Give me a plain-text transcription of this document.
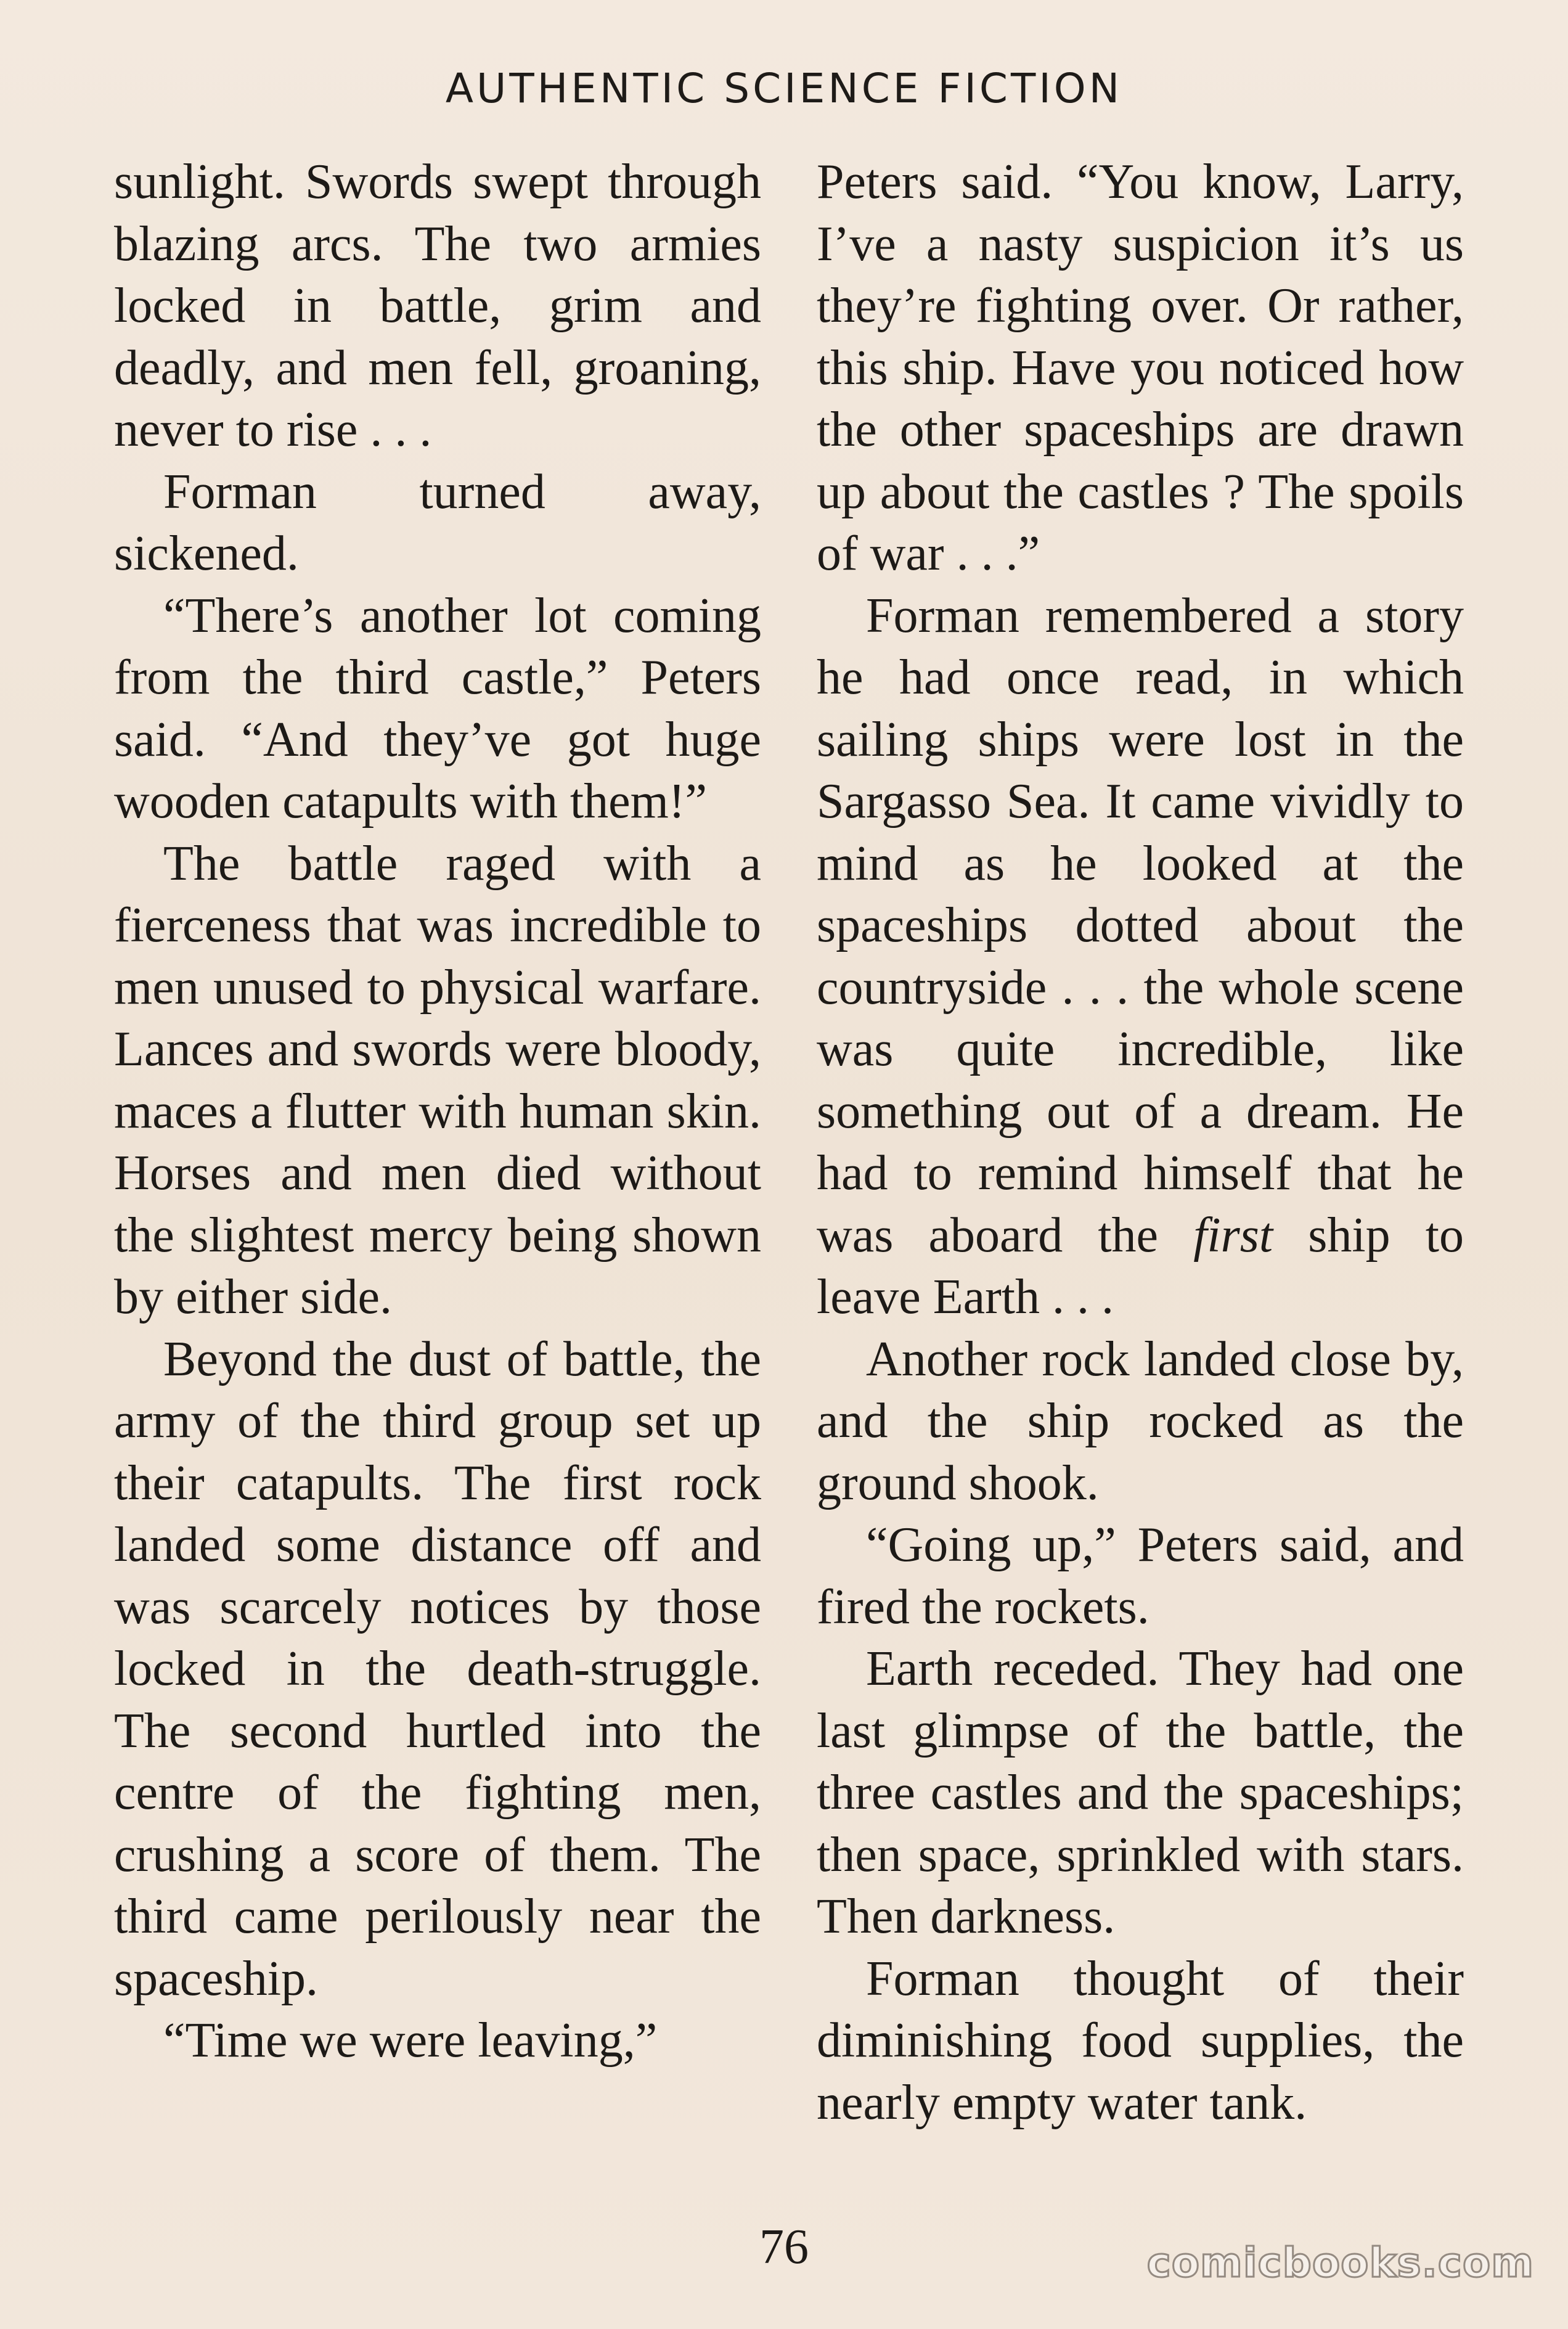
AUTHENTIC SCIENCE FICTION

sunlight. Swords swept through blazing arcs. The two armies locked in battle, grim and deadly, and men fell, groaning, never to rise . . .

Forman turned away, sickened.

“There’s another lot coming from the third castle,” Peters said. “And they’ve got huge wooden catapults with them!”

The battle raged with a fierceness that was incredible to men unused to physical warfare. Lances and swords were bloody, maces a flutter with human skin. Horses and men died without the slightest mercy being shown by either side.

Beyond the dust of battle, the army of the third group set up their catapults. The first rock landed some distance off and was scarcely notices by those locked in the death-struggle. The second hurtled into the centre of the fighting men, crushing a score of them. The third came perilously near the spaceship.

“Time we were leaving,”

Peters said. “You know, Larry, I’ve a nasty suspicion it’s us they’re fighting over. Or rather, this ship. Have you noticed how the other spaceships are drawn up about the castles ? The spoils of war . . .”

Forman remembered a story he had once read, in which sailing ships were lost in the Sargasso Sea. It came vividly to mind as he looked at the spaceships dotted about the countryside . . . the whole scene was quite incredible, like something out of a dream. He had to remind himself that he was aboard the first ship to leave Earth . . .

Another rock landed close by, and the ship rocked as the ground shook.

“Going up,” Peters said, and fired the rockets.

Earth receded. They had one last glimpse of the battle, the three castles and the spaceships; then space, sprinkled with stars. Then darkness.

Forman thought of their diminishing food supplies, the nearly empty water tank.

76	comicbooks.com
